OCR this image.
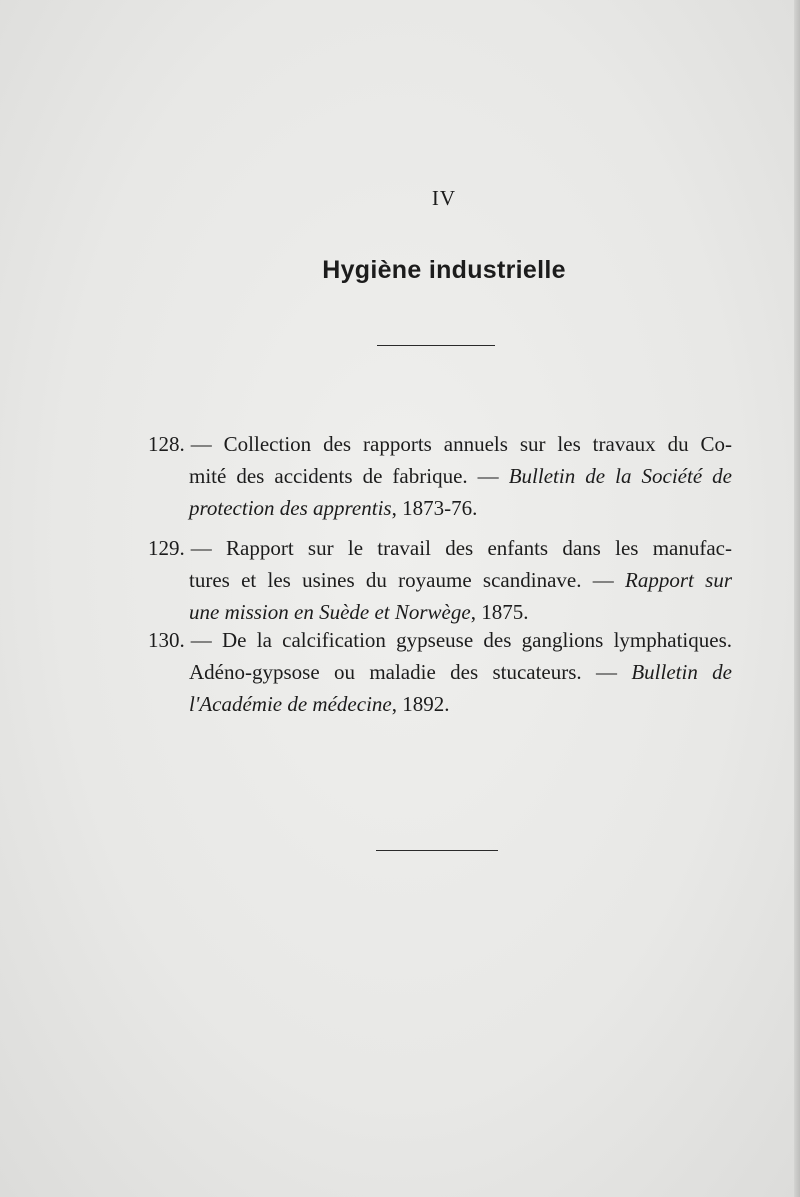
IV
Hygiène industrielle
128. — Collection des rapports annuels sur les travaux du Co-
mité des accidents de fabrique. — Bulletin de la Société de
protection des apprentis, 1873-76.
129. — Rapport sur le travail des enfants dans les manufac-
tures et les usines du royaume scandinave. — Rapport sur
une mission en Suède et Norwège, 1875.
130. — De la calcification gypseuse des ganglions lymphatiques.
Adéno-gypsose ou maladie des stucateurs. — Bulletin de
l'Académie de médecine, 1892.
